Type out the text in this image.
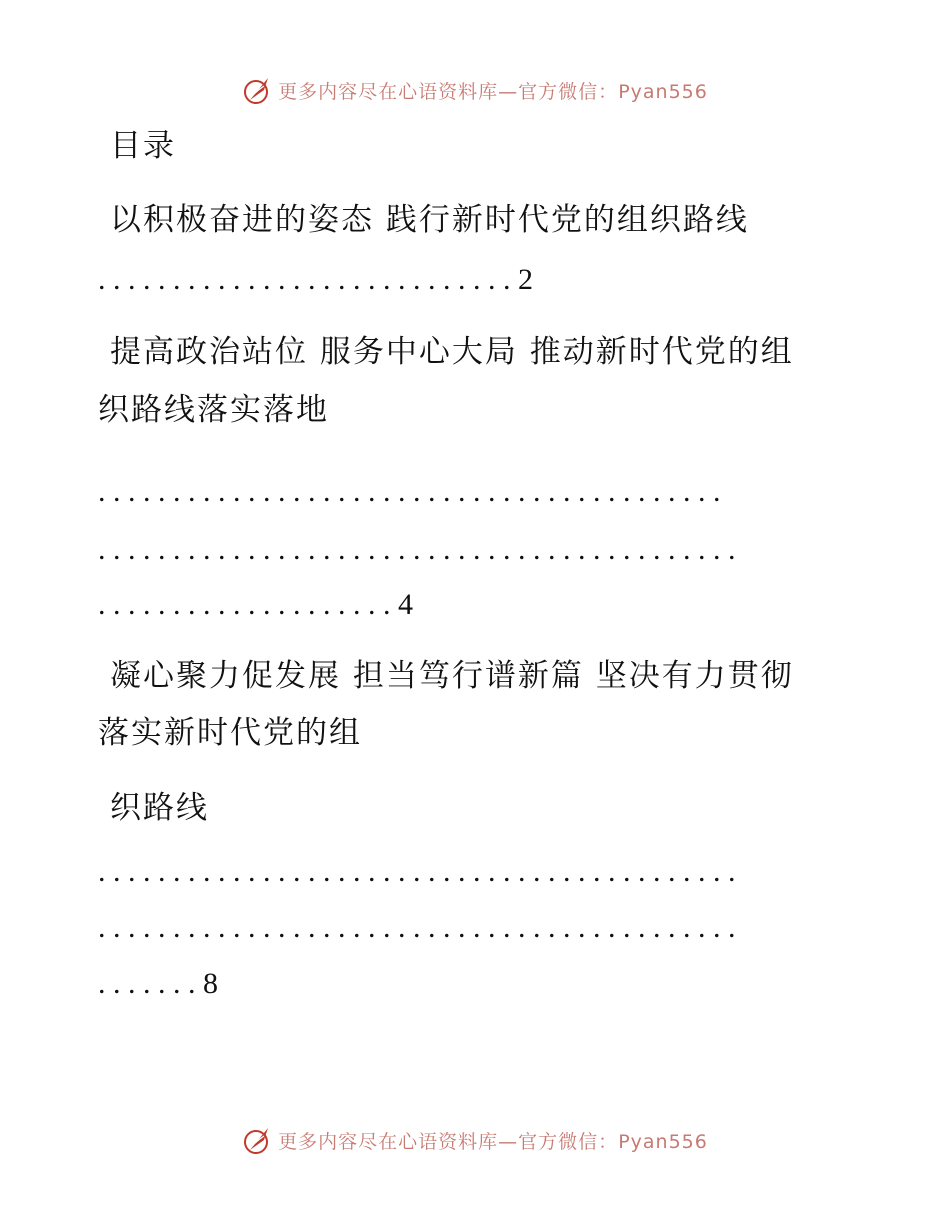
更多内容尽在心语资料库—官方微信：Pyan556
目录
以积极奋进的姿态 践行新时代党的组织路线
. . . . . . . . . . . . . . . . . . . . . . . . . . . . 2
提高政治站位 服务中心大局 推动新时代党的组
织路线落实落地
. . . . . . . . . . . . . . . . . . . . . . . . . . . . . . . . . . . . . . . . . .
. . . . . . . . . . . . . . . . . . . . . . . . . . . . . . . . . . . . . . . . . . .
. . . . . . . . . . . . . . . . . . . . 4
凝心聚力促发展 担当笃行谱新篇 坚决有力贯彻
落实新时代党的组
织路线
. . . . . . . . . . . . . . . . . . . . . . . . . . . . . . . . . . . . . . . . . . .
. . . . . . . . . . . . . . . . . . . . . . . . . . . . . . . . . . . . . . . . . . .
. . . . . . . 8
更多内容尽在心语资料库—官方微信：Pyan556
